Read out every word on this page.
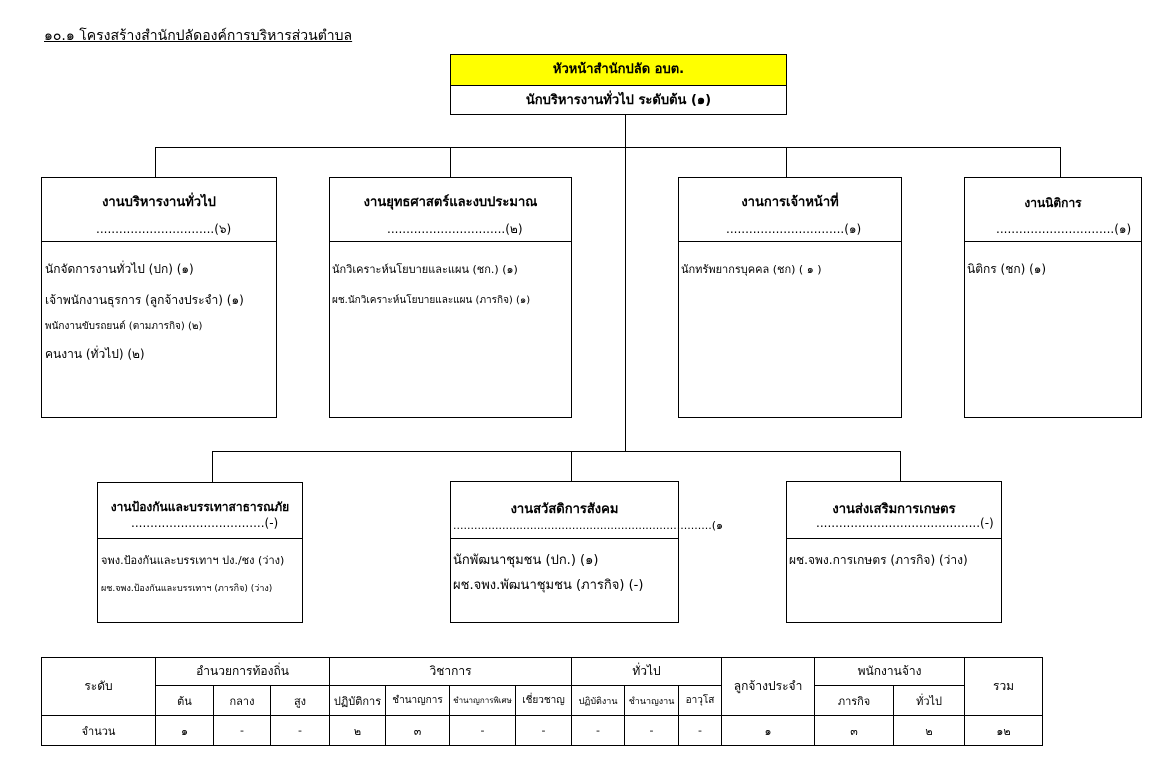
๑๐.๑ โครงสร้างสำนักปลัดองค์การบริหารส่วนตำบล
หัวหน้าสำนักปลัด อบต.
นักบริหารงานทั่วไป ระดับต้น (๑)
งานบริหารงานทั่วไป
...............................(๖)
นักจัดการงานทั่วไป (ปก) (๑)
เจ้าพนักงานธุรการ (ลูกจ้างประจำ) (๑)
พนักงานขับรถยนต์ (ตามภารกิจ) (๒)
คนงาน (ทั่วไป) (๒)
งานยุทธศาสตร์และงบประมาณ
...............................(๒)
นักวิเคราะห์นโยบายและแผน (ชก.) (๑)
ผช.นักวิเคราะห์นโยบายและแผน (ภารกิจ) (๑)
งานการเจ้าหน้าที่
...............................(๑)
นักทรัพยากรบุคคล (ชก) ( ๑ )
งานนิติการ
...............................(๑)
นิติกร (ชก) (๑)
งานป้องกันและบรรเทาสาธารณภัย
...................................(-)
จพง.ป้องกันและบรรเทาฯ ปง./ชง (ว่าง)
ผช.จพง.ป้องกันและบรรเทาฯ (ภารกิจ) (ว่าง)
งานสวัสดิการสังคม
..........................................................................(๑
นักพัฒนาชุมชน (ปก.) (๑)
ผช.จพง.พัฒนาชุมชน (ภารกิจ) (-)
งานส่งเสริมการเกษตร
...........................................(-)
ผช.จพง.การเกษตร (ภารกิจ) (ว่าง)
ระดับ	อำนวยการท้องถิ่น			วิชาการ				ทั่วไป			ลูกจ้างประจำ	พนักงานจ้าง		รวม
	ต้น	กลาง	สูง	ปฏิบัติการ	ชำนาญการ	ชำนาญการพิเศษ	เชี่ยวชาญ	ปฏิบัติงาน	ชำนาญงาน	อาวุโส		ภารกิจ	ทั่วไป	
จำนวน	๑	-	-	๒	๓	-	-	-	-	-	๑	๓	๒	๑๒
